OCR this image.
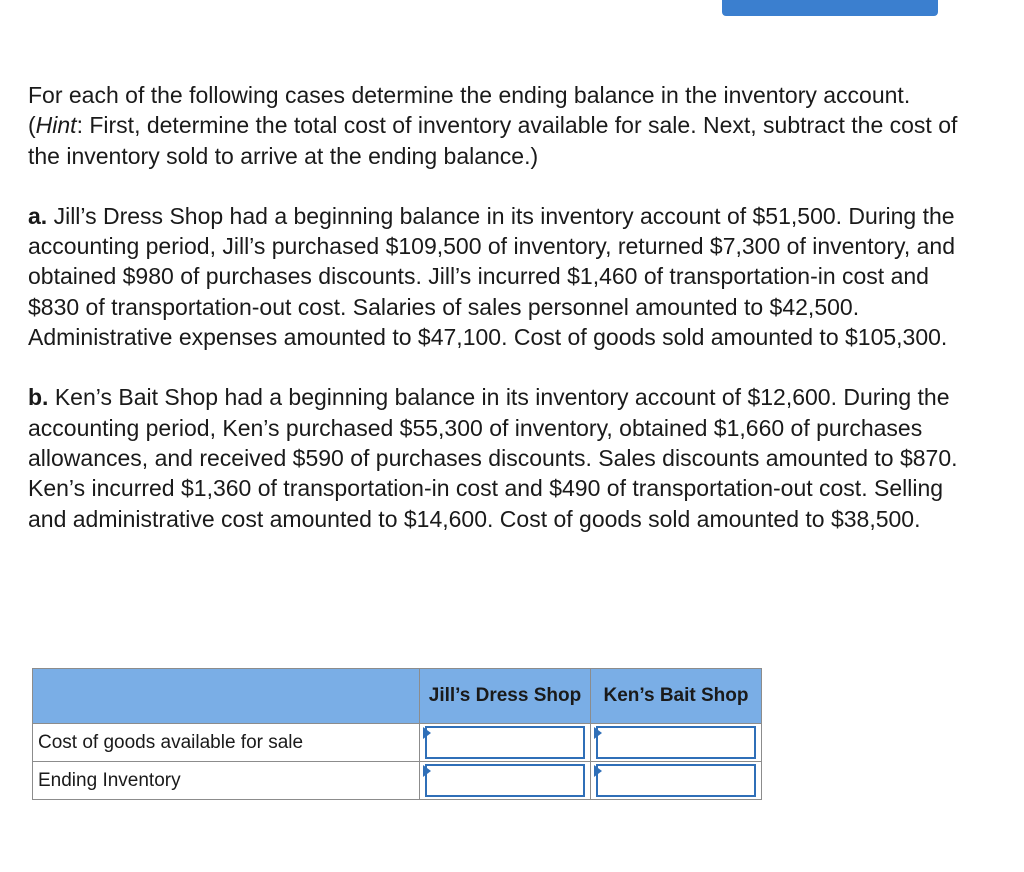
For each of the following cases determine the ending balance in the inventory account. (Hint: First, determine the total cost of inventory available for sale. Next, subtract the cost of the inventory sold to arrive at the ending balance.)

a. Jill’s Dress Shop had a beginning balance in its inventory account of $51,500. During the accounting period, Jill’s purchased $109,500 of inventory, returned $7,300 of inventory, and obtained $980 of purchases discounts. Jill’s incurred $1,460 of transportation-in cost and $830 of transportation-out cost. Salaries of sales personnel amounted to $42,500. Administrative expenses amounted to $47,100. Cost of goods sold amounted to $105,300.

b. Ken’s Bait Shop had a beginning balance in its inventory account of $12,600. During the accounting period, Ken’s purchased $55,300 of inventory, obtained $1,660 of purchases allowances, and received $590 of purchases discounts. Sales discounts amounted to $870. Ken’s incurred $1,360 of transportation-in cost and $490 of transportation-out cost. Selling and administrative cost amounted to $14,600. Cost of goods sold amounted to $38,500.

	Jill’s Dress Shop	Ken’s Bait Shop
Cost of goods available for sale	

Ending Inventory	
